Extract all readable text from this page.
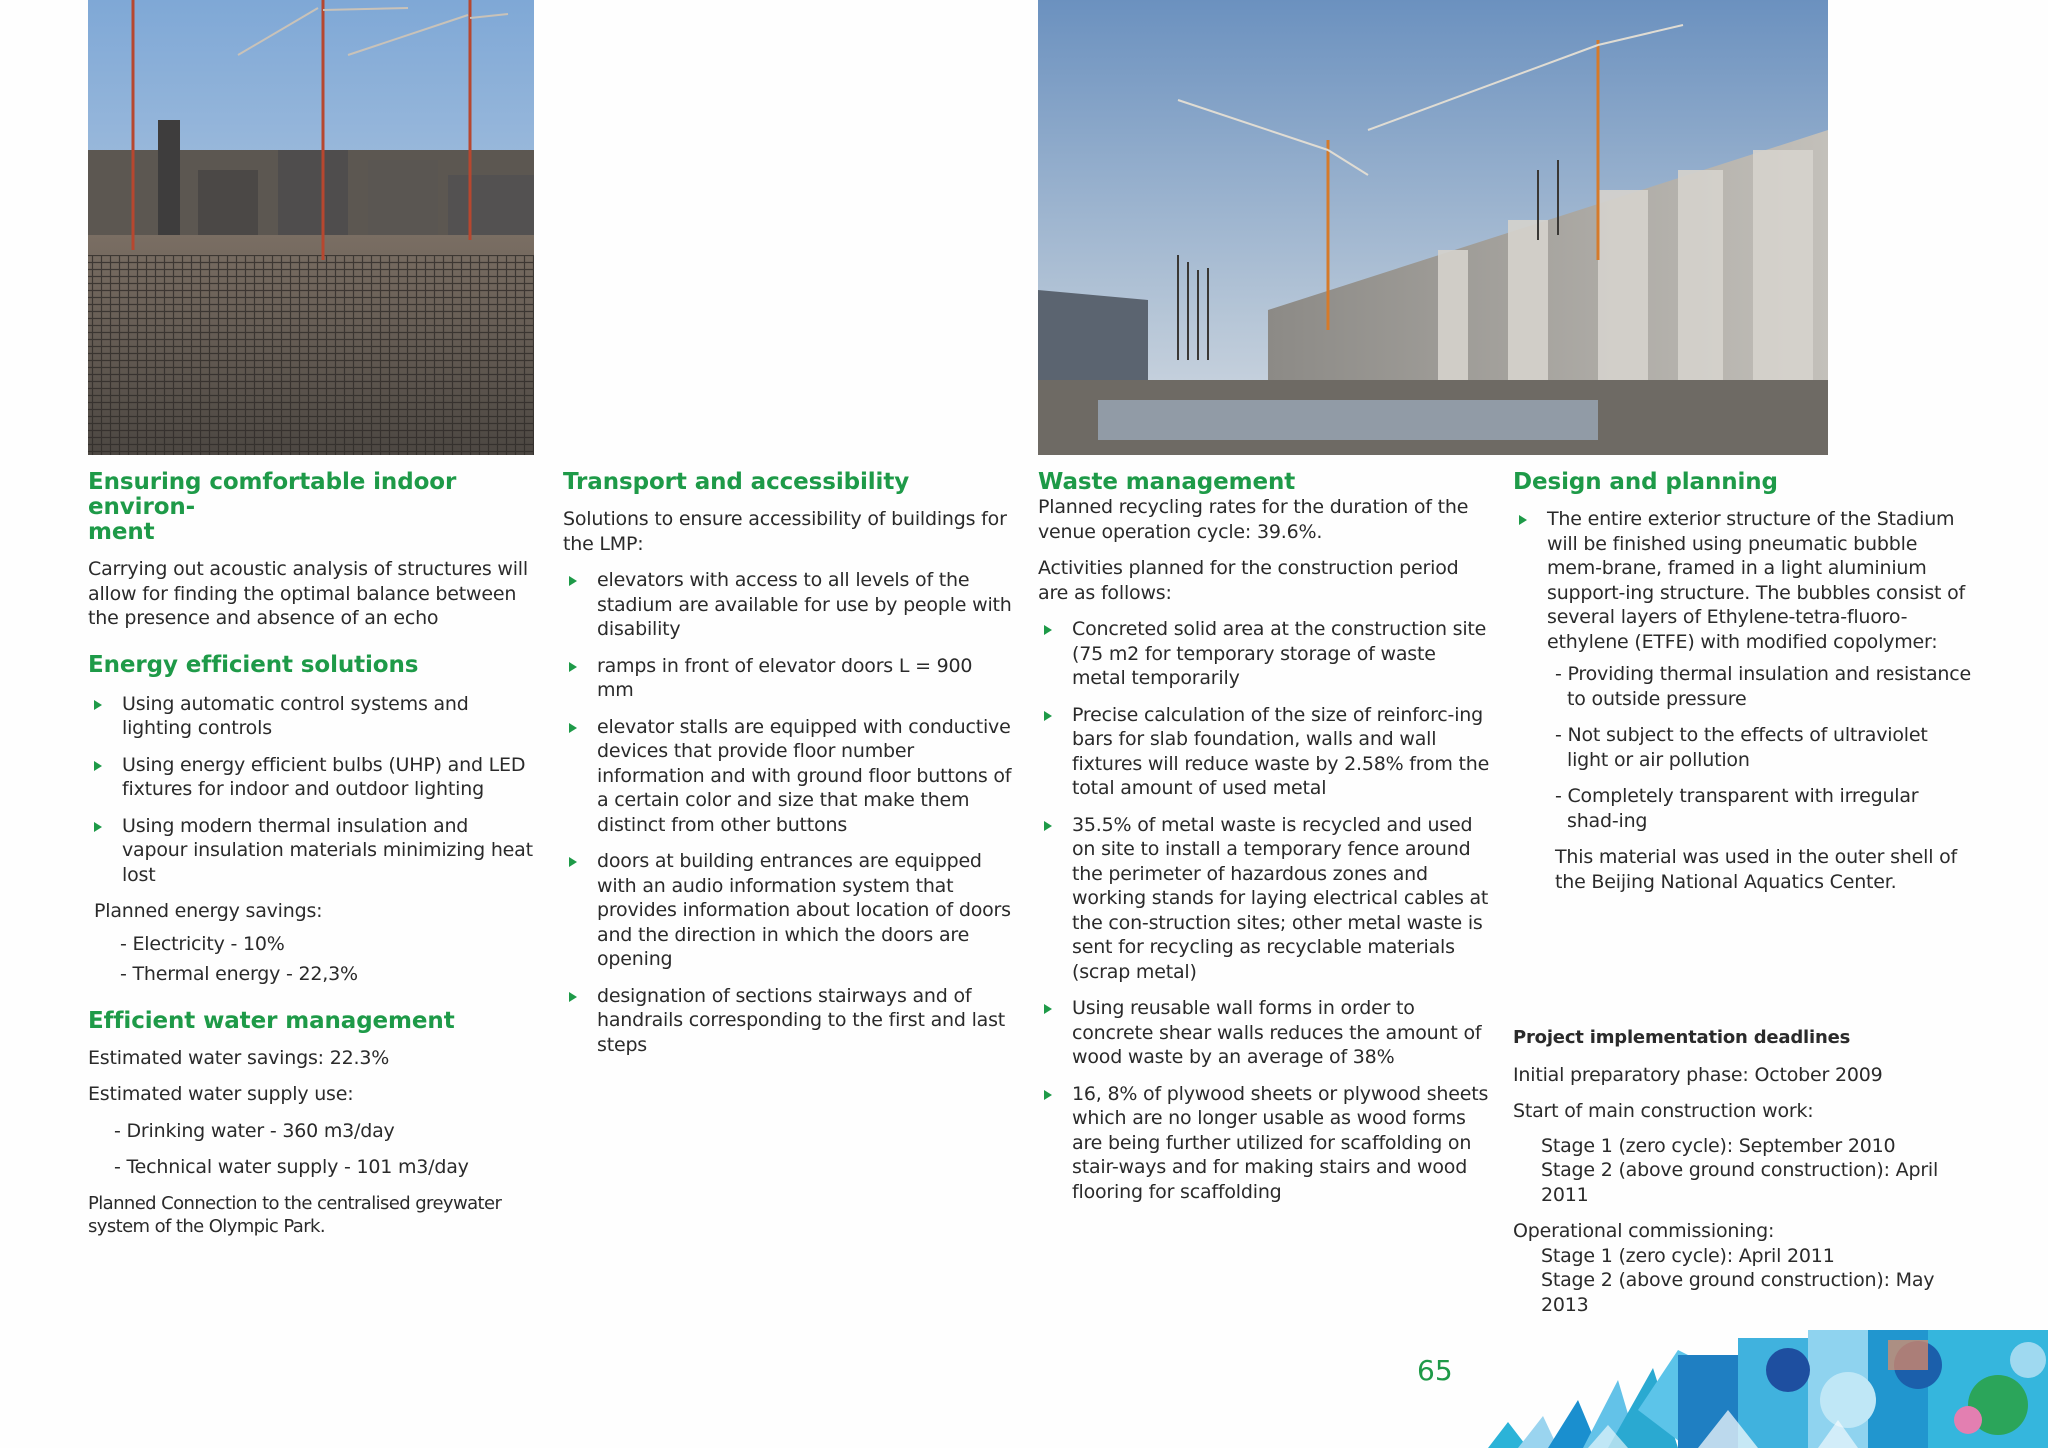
Ensuring comfortable indoor environ-
ment

Carrying out acoustic analysis of structures will allow for finding the optimal balance between the presence and absence of an echo

Energy efficient solutions
Using automatic control systems and lighting controls
Using energy efficient bulbs (UHP) and LED fixtures for indoor and outdoor lighting
Using modern thermal insulation and vapour insulation materials minimizing heat lost

Planned energy savings:

- Electricity - 10%
- Thermal energy - 22,3%
Efficient water management

Estimated water savings: 22.3%

Estimated water supply use:

- Drinking water - 360 m3/day
- Technical water supply - 101 m3/day

Planned Connection to the centralised greywater system of the Olympic Park.

Transport and accessibility

Solutions to ensure accessibility of buildings for the LMP:

elevators with access to all levels of the stadium are available for use by people with disability
ramps in front of elevator doors L = 900 mm
elevator stalls are equipped with conductive devices that provide floor number information and with ground floor buttons of a certain color and size that make them distinct from other buttons
doors at building entrances are equipped with an audio information system that provides information about location of doors and the direction in which the doors are opening
designation of sections stairways and of handrails corresponding to the first and last steps
Waste management

Planned recycling rates for the duration of the venue operation cycle: 39.6%.

Activities planned for the construction period are as follows:

Concreted solid area at the construction site (75 m2 for temporary storage of waste metal temporarily
Precise calculation of the size of reinforc-ing bars for slab foundation, walls and wall fixtures will reduce waste by 2.58% from the total amount of used metal
35.5% of metal waste is recycled and used on site to install a temporary fence around the perimeter of hazardous zones and working stands for laying electrical cables at the con-struction sites; other metal waste is sent for recycling as recyclable materials (scrap metal)
Using reusable wall forms in order to concrete shear walls reduces the amount of wood waste by an average of 38%
16, 8% of plywood sheets or plywood sheets which are no longer usable as wood forms are being further utilized for scaffolding on stair-ways and for making stairs and wood flooring for scaffolding
Design and planning
The entire exterior structure of the Stadium will be finished using pneumatic bubble mem-brane, framed in a light aluminium support-ing structure. The bubbles consist of several layers of Ethylene-tetra-fluoro-ethylene (ETFE) with modified copolymer:

- Providing thermal insulation and resistance to outside pressure

- Not subject to the effects of ultraviolet light or air pollution

- Completely transparent with irregular shad-ing

This material was used in the outer shell of the Beijing National Aquatics Center.

Project implementation deadlines

Initial preparatory phase: October 2009

Start of main construction work:

Stage 1 (zero cycle): September 2010
Stage 2 (above ground construction): April 2011

Operational commissioning:

Stage 1 (zero cycle): April 2011
Stage 2 (above ground construction): May 2013
65
